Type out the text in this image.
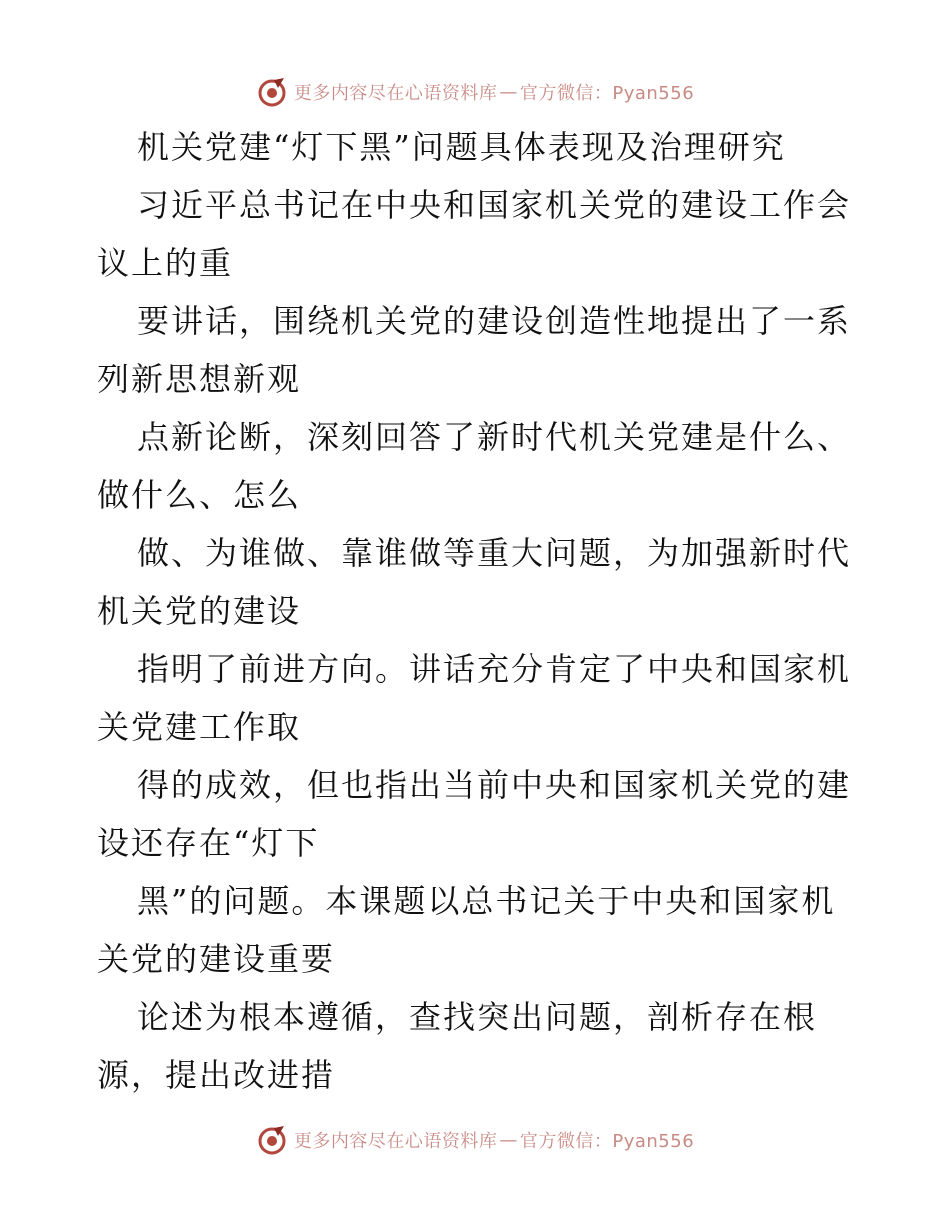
更多内容尽在心语资料库 — 官方微信：Pyan556
机关党建“灯下黑”问题具体表现及治理研究
习近平总书记在中央和国家机关党的建设工作会
议上的重
要讲话，围绕机关党的建设创造性地提出了一系
列新思想新观
点新论断，深刻回答了新时代机关党建是什么、
做什么、怎么
做、为谁做、靠谁做等重大问题，为加强新时代
机关党的建设
指明了前进方向。讲话充分肯定了中央和国家机
关党建工作取
得的成效，但也指出当前中央和国家机关党的建
设还存在“灯下
黑”的问题。本课题以总书记关于中央和国家机
关党的建设重要
论述为根本遵循，查找突出问题，剖析存在根
源，提出改进措
更多内容尽在心语资料库 — 官方微信：Pyan556
